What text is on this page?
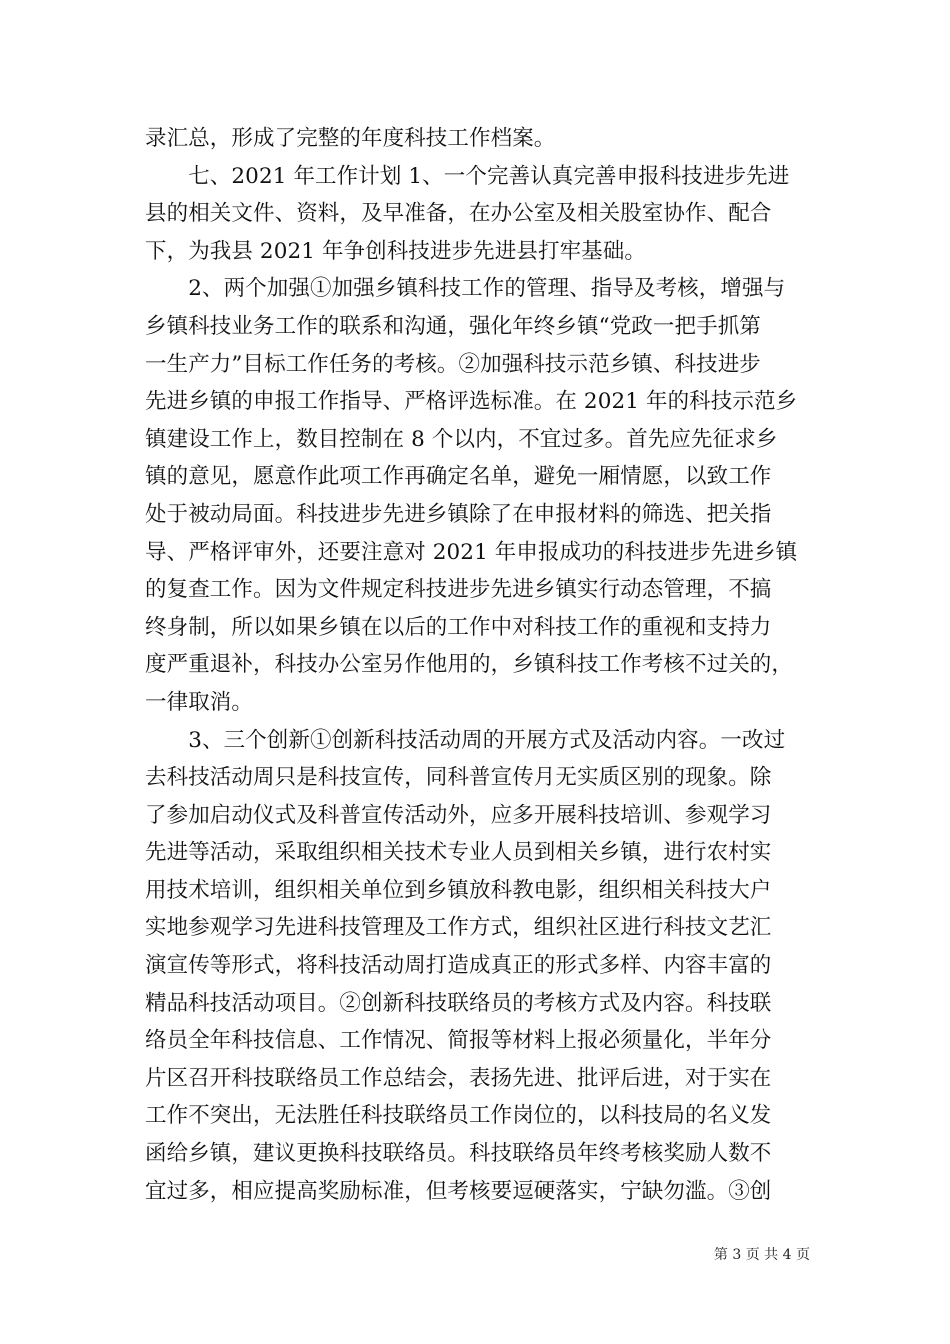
录汇总，形成了完整的年度科技工作档案。
　　七、2021 年工作计划 1、一个完善认真完善申报科技进步先进
县的相关文件、资料，及早准备，在办公室及相关股室协作、配合
下，为我县 2021 年争创科技进步先进县打牢基础。
　　2、两个加强①加强乡镇科技工作的管理、指导及考核，增强与
乡镇科技业务工作的联系和沟通，强化年终乡镇“党政一把手抓第
一生产力”目标工作任务的考核。②加强科技示范乡镇、科技进步
先进乡镇的申报工作指导、严格评选标准。在 2021 年的科技示范乡
镇建设工作上，数目控制在 8 个以内，不宜过多。首先应先征求乡
镇的意见，愿意作此项工作再确定名单，避免一厢情愿，以致工作
处于被动局面。科技进步先进乡镇除了在申报材料的筛选、把关指
导、严格评审外，还要注意对 2021 年申报成功的科技进步先进乡镇
的复查工作。因为文件规定科技进步先进乡镇实行动态管理，不搞
终身制，所以如果乡镇在以后的工作中对科技工作的重视和支持力
度严重退补，科技办公室另作他用的，乡镇科技工作考核不过关的，
一律取消。
　　3、三个创新①创新科技活动周的开展方式及活动内容。一改过
去科技活动周只是科技宣传，同科普宣传月无实质区别的现象。除
了参加启动仪式及科普宣传活动外，应多开展科技培训、参观学习
先进等活动，采取组织相关技术专业人员到相关乡镇，进行农村实
用技术培训，组织相关单位到乡镇放科教电影，组织相关科技大户
实地参观学习先进科技管理及工作方式，组织社区进行科技文艺汇
演宣传等形式，将科技活动周打造成真正的形式多样、内容丰富的
精品科技活动项目。②创新科技联络员的考核方式及内容。科技联
络员全年科技信息、工作情况、简报等材料上报必须量化，半年分
片区召开科技联络员工作总结会，表扬先进、批评后进，对于实在
工作不突出，无法胜任科技联络员工作岗位的，以科技局的名义发
函给乡镇，建议更换科技联络员。科技联络员年终考核奖励人数不
宜过多，相应提高奖励标准，但考核要逗硬落实，宁缺勿滥。③创
第 3 页 共 4 页
